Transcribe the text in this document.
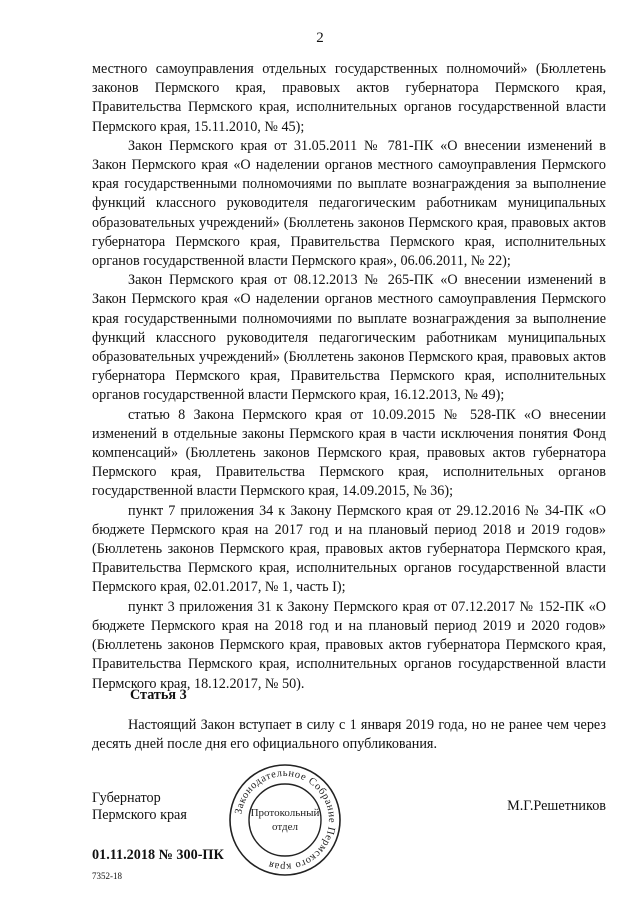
2

местного самоуправления отдельных государственных полномочий» (Бюллетень законов Пермского края, правовых актов губернатора Пермского края, Правительства Пермского края, исполнительных органов государственной власти Пермского края, 15.11.2010, № 45);

Закон Пермского края от 31.05.2011 № 781-ПК «О внесении изменений в Закон Пермского края «О наделении органов местного самоуправления Пермского края государственными полномочиями по выплате вознаграждения за выполнение функций классного руководителя педагогическим работникам муниципальных образовательных учреждений» (Бюллетень законов Пермского края, правовых актов губернатора Пермского края, Правительства Пермского края, исполнительных органов государственной власти Пермского края», 06.06.2011, № 22);

Закон Пермского края от 08.12.2013 № 265-ПК «О внесении изменений в Закон Пермского края «О наделении органов местного самоуправления Пермского края государственными полномочиями по выплате вознаграждения за выполнение функций классного руководителя педагогическим работникам муниципальных образовательных учреждений» (Бюллетень законов Пермского края, правовых актов губернатора Пермского края, Правительства Пермского края, исполнительных органов государственной власти Пермского края, 16.12.2013, № 49);

статью 8 Закона Пермского края от 10.09.2015 № 528-ПК «О внесении изменений в отдельные законы Пермского края в части исключения понятия Фонд компенсаций» (Бюллетень законов Пермского края, правовых актов губернатора Пермского края, Правительства Пермского края, исполнительных органов государственной власти Пермского края, 14.09.2015, № 36);

пункт 7 приложения 34 к Закону Пермского края от 29.12.2016 № 34-ПК «О бюджете Пермского края на 2017 год и на плановый период 2018 и 2019 годов» (Бюллетень законов Пермского края, правовых актов губернатора Пермского края, Правительства Пермского края, исполнительных органов государственной власти Пермского края, 02.01.2017, № 1, часть I);

пункт 3 приложения 31 к Закону Пермского края от 07.12.2017 № 152-ПК «О бюджете Пермского края на 2018 год и на плановый период 2019 и 2020 годов» (Бюллетень законов Пермского края, правовых актов губернатора Пермского края, Правительства Пермского края, исполнительных органов государственной власти Пермского края, 18.12.2017, № 50).

Статья 3
Настоящий Закон вступает в силу с 1 января 2019 года, но не ранее чем через десять дней после дня его официального опубликования.
Губернатор
Пермского края	Законодательное Собрание Пермского края
Протокольный
отдел
М.Г.Решетников
01.11.2018 № 300-ПК
7352-18
